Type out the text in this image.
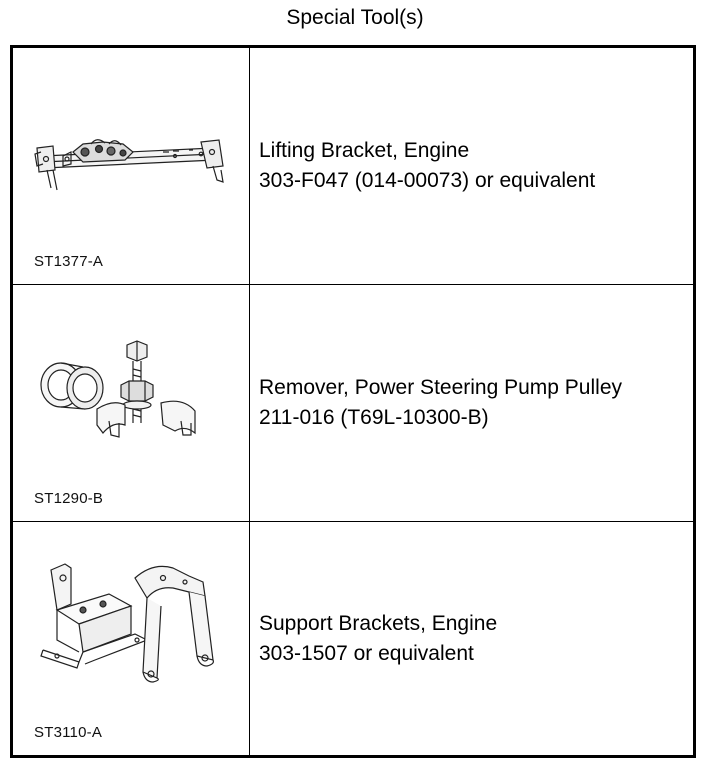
Special Tool(s)
ST1377-A
Lifting Bracket, Engine
303-F047 (014-00073) or equivalent
ST1290-B
Remover, Power Steering Pump Pulley
211-016 (T69L-10300-B)
ST3110-A
Support Brackets, Engine
303-1507 or equivalent
